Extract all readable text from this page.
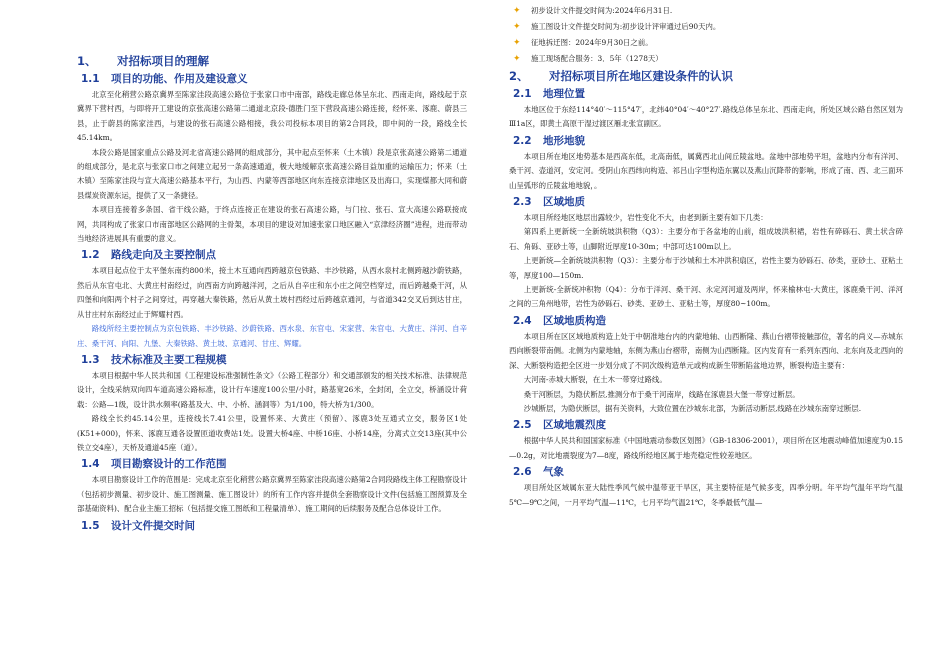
1、 对招标项目的理解
1.1 项目的功能、作用及建设意义

北京至化稍营公路京冀界至陈家洼段高速公路位于张家口市中南部，路线走廊总体呈东北、西南走向，路线起于京冀界下营村西，与即将开工建设的京张高速公路第二通道北京段-德胜门至下营段高速公路连接，经怀来、涿鹿、蔚县三县，止于蔚县的陈家洼西，与建设的张石高速公路相接，我公司投标本项目的第2合同段，即中间的一段，路线全长45.14km。

本段公路是国家重点公路及河北省高速公路网的组成部分，其中起点至怀来（土木镇）段是京张高速公路第二通道的组成部分，是北京与张家口市之间建立起另一条高速通道，极大地缓解京张高速公路目益加重的运输压力；怀来（土木镇）至陈家洼段与宣大高速公路基本平行，为山西、内蒙等西部地区向东连接京津地区及出海口，实现煤都大同和蔚县煤炭资源东运，提供了又一条捷径。

本项目连接着多条国、省干线公路，于终点连接正在建设的张石高速公路，与门拉、张石、宣大高速公路联接成网，共同构成了张家口市南部地区公路网的主骨架，本项目的建设对加速张家口地区融入“京津经济圈”进程，进而带动当地经济进展具有重要的意义。

1.2 路线走向及主要控制点

本项目起点位于太平堡东南约800米，接土木互通向西跨越京包铁路、丰沙铁路，从西水泉村北侧跨越沙蔚铁路，然后从东官屯北、大黄庄村南经过，向西南方向跨越洋河，之后从自辛庄和东小庄之间空档穿过，而后跨越桑干河，从四堡和向阳两个村子之间穿过，再穿越大秦铁路，然后从黄土坡村西经过后跨越京通河，与省道342交叉后到达甘庄，从甘庄村东南经过止于辉耀村西。

路线所经主要控制点为京包铁路、丰沙铁路、沙蔚铁路、西水泉、东官屯、宋家营、朱官屯、大黄庄、洋河、自辛庄、桑干河、向阳、九堡、大秦铁路、黄土坡、京通河、甘庄、辉耀。

1.3 技术标准及主要工程规模

本项目根据中华人民共和国《工程建设标准强制性条文》（公路工程部分）和交通部颁发的相关技术标准、法律规范设计，全线采纳双向四车道高速公路标准，设计行车速度100公里/小时，路基宽26米，全封闭，全立交，桥涵设计荷载：公路—1级，设计洪水频率(路基及大、中、小桥、涵洞等）为1/100，特大桥为1/300。

路线全长约45.14公里，连接线长7.41公里，设置怀来、大黄庄（预留）、涿鹿3处互通式立交，服务区1处(K51+000)，怀来、涿鹿互通各设置匝道收费站1处。设置大桥4座、中桥16座、小桥14座，分离式立交13座(其中公铁立交4座），天桥及通道45座（道）。

1.4 项目勘察设计的工作范围

本项目勘察设计工作的范围是：完成北京至化稍营公路京冀界至陈家洼段高速公路第2合同段路线主体工程勘察设计（包括初步测量、初步设计、施工图测量、施工图设计）的所有工作内容并提供全套勘察设计文件(包括施工图预算及全部基础资料)、配合业主施工招标（包括提交施工图纸和工程量清单）、施工期间的后续服务及配合总体设计工作。

1.5 设计文件提交时间
✦ 初步设计文件提交时间为:2024年6月31日.
✦ 施工图设计文件提交时间为:初步设计评审通过后90天内。
✦ 征地拆迁图：2024年9月30日之前。
✦ 施工现场配合服务：3．5年（1278天）
2、 对招标项目所在地区建设条件的认识
2.1 地理位置

本地区位于东经114°40′～115°47′，北纬40°04′～40°27′.路线总体呈东北、西南走向，所处区域公路自然区划为Ⅲ1a区，即黄土高原干湿过渡区雁北张宣副区。

2.2 地形地貌

本项目所在地区地势基本是西高东低，北高南低，属冀西北山间丘陵盆地。盆地中部地势平坦，盆地内分布有洋河、桑干河、壶道河，安定河。受阴山东西纬向构造、祁吕山字型构造东翼以及燕山沉降带的影响，形成了南、西、北三面环山呈弧形的丘陵盆地地貌，。

2.3 区域地质

本项目所经地区地层出露较少，岩性变化不大，由老到新主要有如下几类：

第四系上更新统一全新统坡洪积物（Q3）：主要分布于各盆地的山前，组成坡洪积裙，岩性有碎砾石、黄土状含碎石、角砾、亚砂土等，山脚附近厚度10-30m；中部可达100m以上。

上更新统—全新统坡洪积物（Q3）：主要分布于沙城和土木冲洪积扇区，岩性主要为砂砾石、砂类，亚砂土、亚粘土等，厚度100—150m.

上更新统-全新统冲积物（Q4）：分布于洋河、桑干河、永定河河道及两岸，怀来榆林屯-大黄庄，涿鹿桑干河、洋河之间的三角州地带，岩性为砂砾石、砂类、亚砂土、亚粘土等，厚度80~100m。

2.4 区域地质构造

本项目所在区区域地质构造上处于中朝准地台内的内蒙地轴、山西断隆、燕山台褶带接触部位，著名的尚义—赤城东西向断裂带南侧。北侧为内蒙地轴，东侧为燕山台褶带，南侧为山西断隆。区内发育有一系列东西向、北东向及北西向的深、大断裂构造把全区进一步划分成了不同次级构造单元或构成新生带断陷盆地边界，断裂构造主要有：

大河南-赤城大断裂，在土木一带穿过路线。

桑干河断层，为隐伏断层,推测分布于桑干河南岸，线路在涿鹿县大堡一带穿过断层。

沙城断层，为隐伏断层，据有关资料，大致位置在沙城东北部，为新活动断层,线路在沙城东南穿过断层.

2.5 区域地震烈度

根据中华人民共和国国家标准《中国地震动参数区划图》（GB-18306-2001），项目所在区地震动峰值加速度为0.15—0.2g，对比地震裂度为7—8度，路线所经地区属于地壳稳定性较差地区。

2.6 气象

项目所处区域属东亚大陆性季风气候中温带亚干旱区，其主要特征是气候多变，四季分明。年平均气温年平均气温5℃—9℃之间，一月平均气温—11℃，七月平均气温21℃，冬季最低气温—
